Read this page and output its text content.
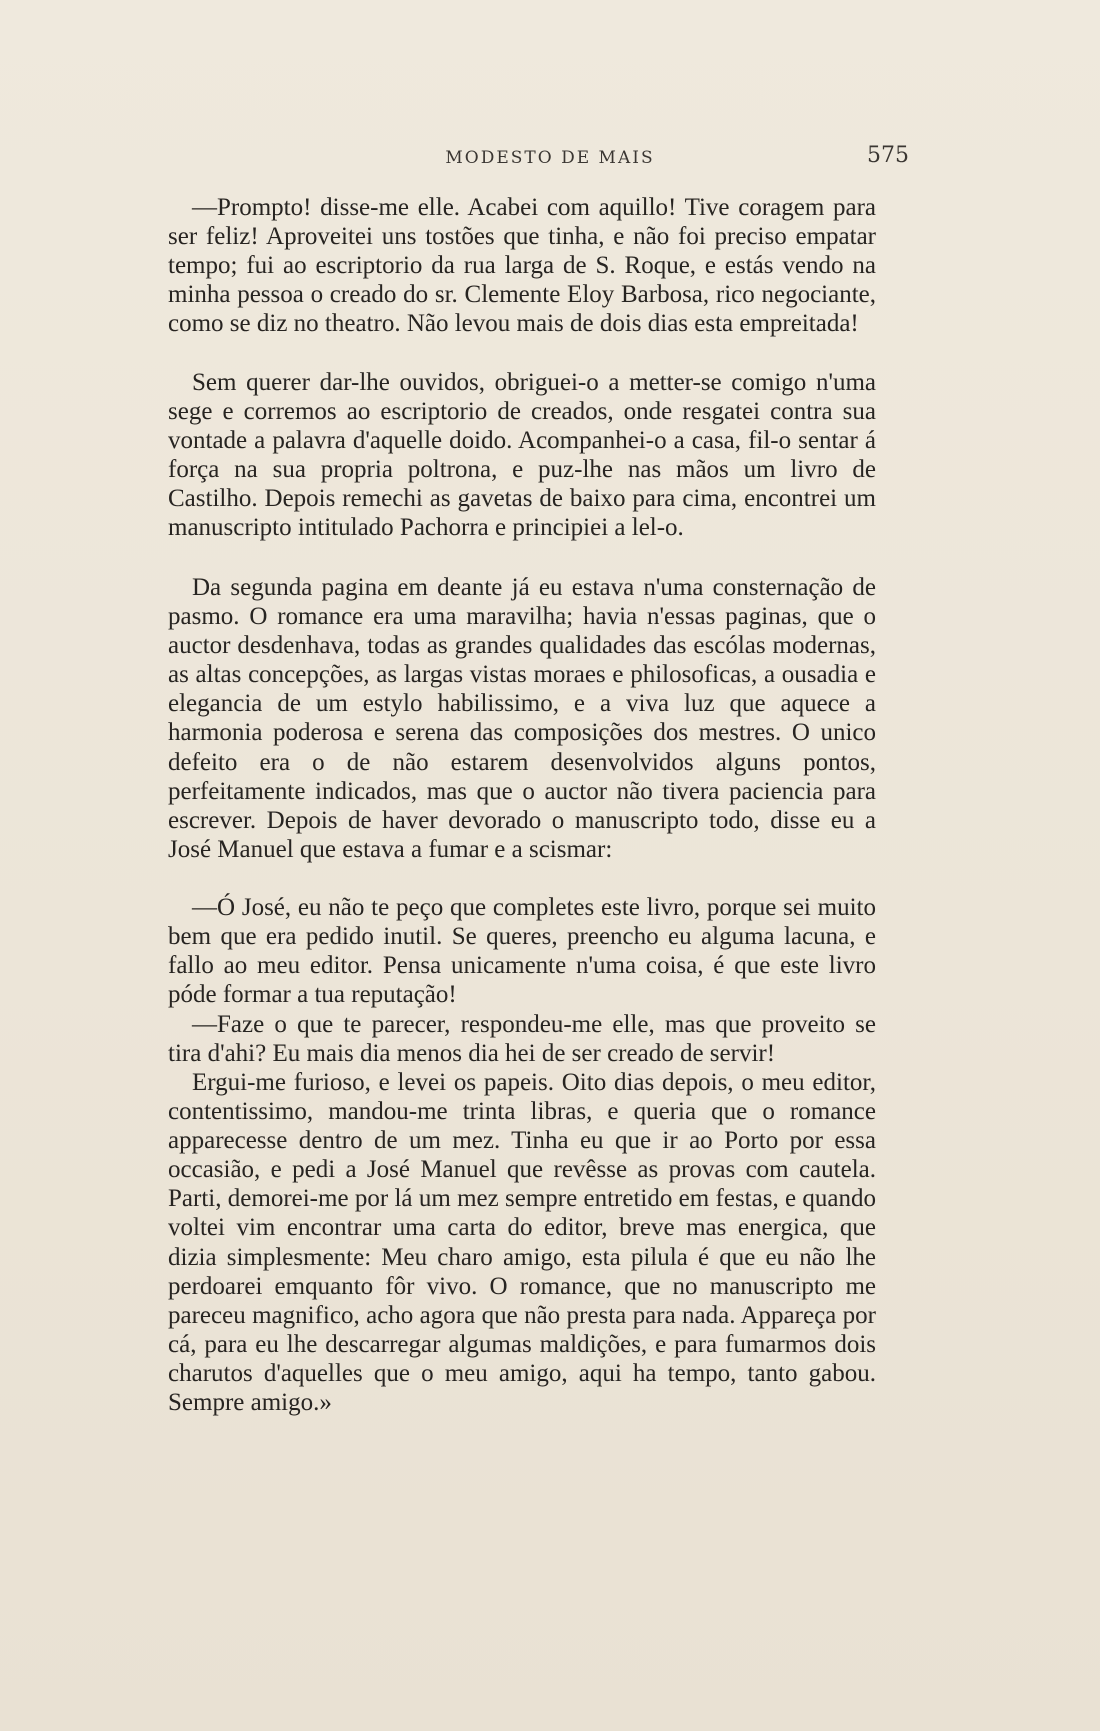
MODESTO DE MAIS	575

—Prompto! disse-me elle. Acabei com aquillo! Tive coragem para ser feliz! Aproveitei uns tostões que tinha, e não foi preciso empatar tempo; fui ao escriptorio da rua larga de S. Roque, e estás vendo na minha pessoa o creado do sr. Clemente Eloy Barbosa, rico negociante, como se diz no theatro. Não levou mais de dois dias esta empreitada!

Sem querer dar-lhe ouvidos, obriguei-o a metter-se comigo n'uma sege e corremos ao escriptorio de creados, onde resgatei contra sua vontade a palavra d'aquelle doido. Acompanhei-o a casa, fil-o sentar á força na sua propria poltrona, e puz-lhe nas mãos um livro de Castilho. Depois remechi as gavetas de baixo para cima, encontrei um manuscripto intitulado Pachorra e principiei a lel-o.

Da segunda pagina em deante já eu estava n'uma consternação de pasmo. O romance era uma maravilha; havia n'essas paginas, que o auctor desdenhava, todas as grandes qualidades das escólas modernas, as altas concepções, as largas vistas moraes e philosoficas, a ousadia e elegancia de um estylo habilissimo, e a viva luz que aquece a harmonia poderosa e serena das composições dos mestres. O unico defeito era o de não estarem desenvolvidos alguns pontos, perfeitamente indicados, mas que o auctor não tivera paciencia para escrever. Depois de haver devorado o manuscripto todo, disse eu a José Manuel que estava a fumar e a scismar:

—Ó José, eu não te peço que completes este livro, porque sei muito bem que era pedido inutil. Se queres, preencho eu alguma lacuna, e fallo ao meu editor. Pensa unicamente n'uma coisa, é que este livro póde formar a tua reputação!

—Faze o que te parecer, respondeu-me elle, mas que proveito se tira d'ahi? Eu mais dia menos dia hei de ser creado de servir!

Ergui-me furioso, e levei os papeis. Oito dias depois, o meu editor, contentissimo, mandou-me trinta libras, e queria que o romance apparecesse dentro de um mez. Tinha eu que ir ao Porto por essa occasião, e pedi a José Manuel que revêsse as provas com cautela. Parti, demorei-me por lá um mez sempre entretido em festas, e quando voltei vim encontrar uma carta do editor, breve mas energica, que dizia simplesmente: Meu charo amigo, esta pilula é que eu não lhe perdoarei emquanto fôr vivo. O romance, que no manuscripto me pareceu magnifico, acho agora que não presta para nada. Appareça por cá, para eu lhe descarregar algumas maldições, e para fumarmos dois charutos d'aquelles que o meu amigo, aqui ha tempo, tanto gabou. Sempre amigo.»
